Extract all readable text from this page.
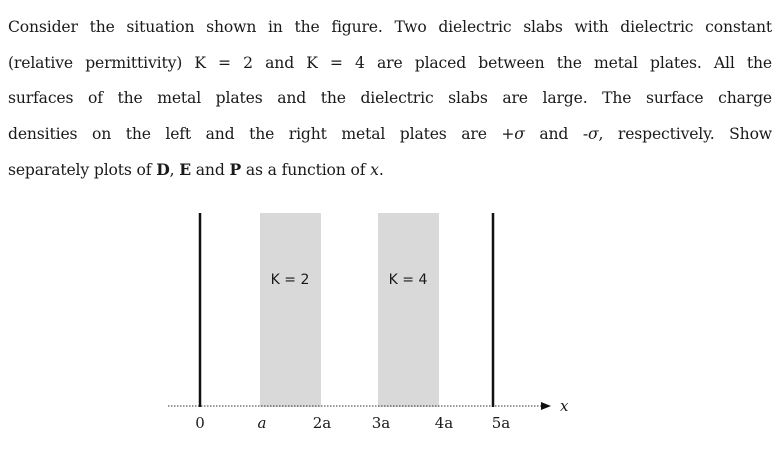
Consider the situation shown in the figure. Two dielectric slabs with dielectric constant
(relative permittivity) K = 2 and K = 4 are placed between the metal plates. All the
surfaces of the metal plates and the dielectric slabs are large. The surface charge
densities on the left and the right metal plates are +σ and -σ, respectively. Show
separately plots of D, E and P as a function of x.
K = 2	K = 4
x
0	a	2a	3a	4a	5a
